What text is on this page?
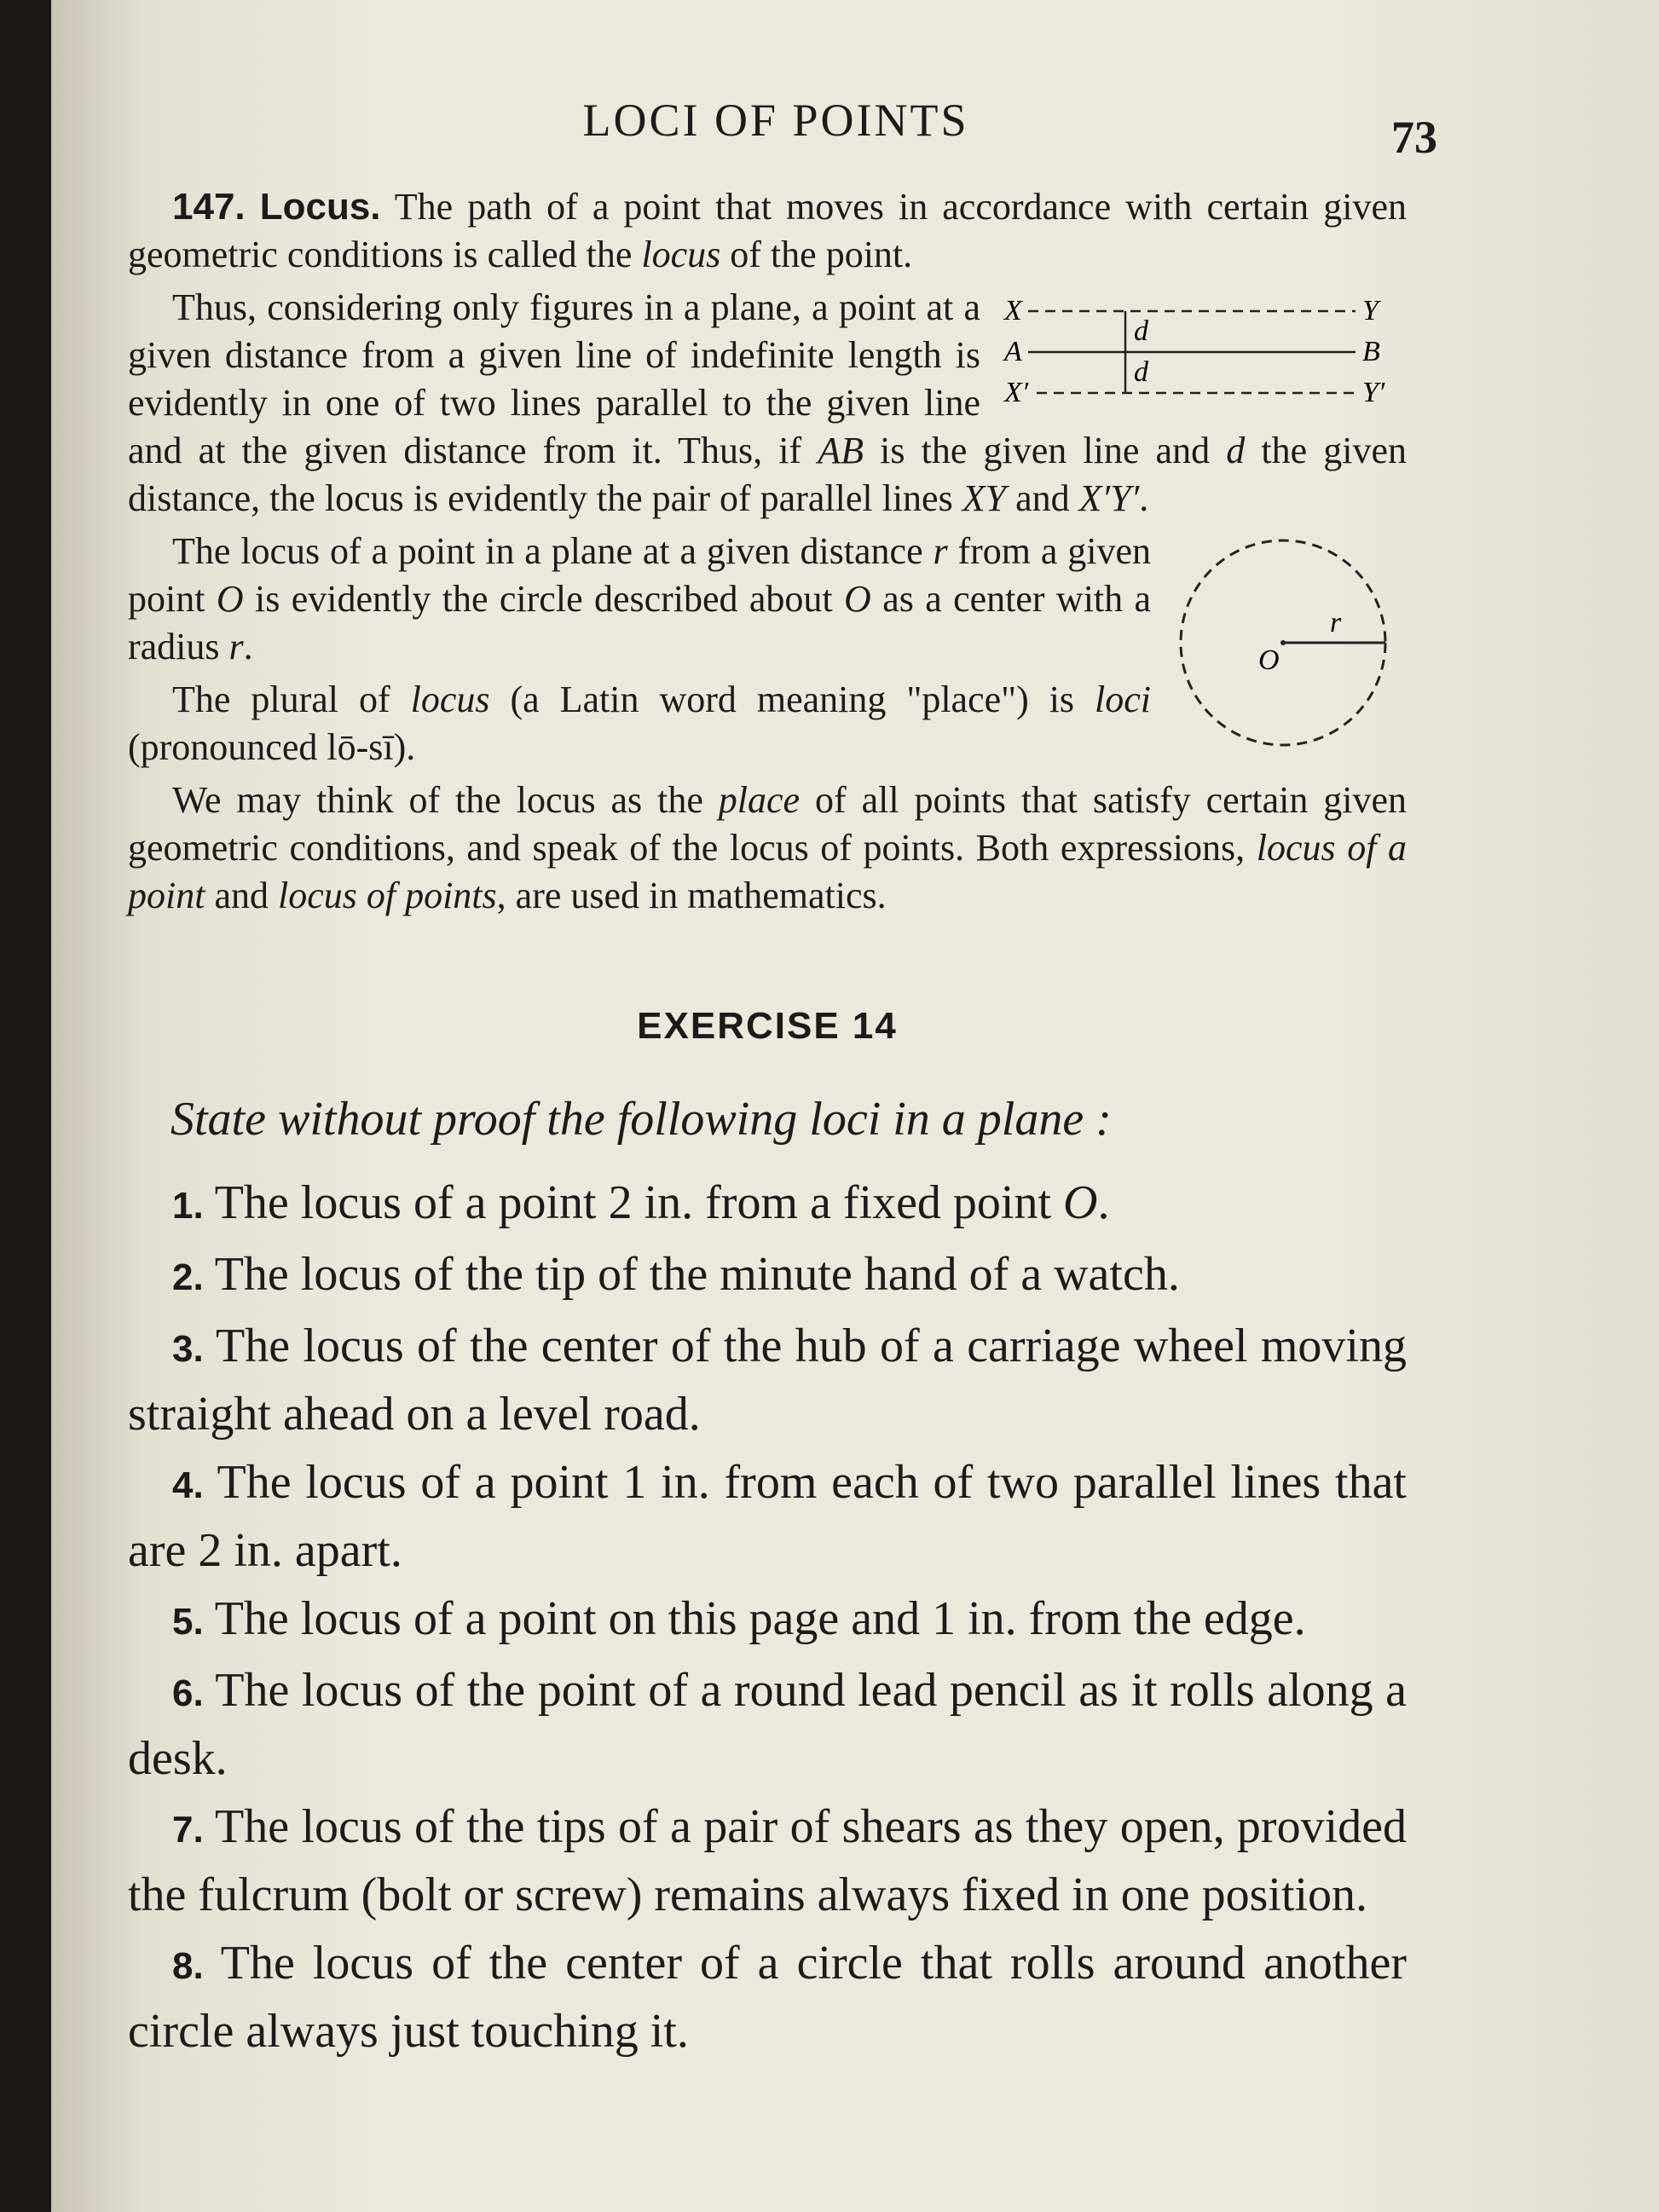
LOCI OF POINTS	73

147. Locus. The path of a point that moves in accordance with certain given geometric conditions is called the locus of the point.

X	Y
A	B
X′	Y′
d
d

Thus, considering only figures in a plane, a point at a given distance from a given line of indefinite length is evidently in one of two lines parallel to the given line and at the given distance from it. Thus, if AB is the given line and d the given distance, the locus is evidently the pair of parallel lines XY and X′Y′.

r
O

The locus of a point in a plane at a given distance r from a given point O is evidently the circle described about O as a center with a radius r.

The plural of locus (a Latin word meaning "place") is loci (pronounced lō-sī).

We may think of the locus as the place of all points that satisfy certain given geometric conditions, and speak of the locus of points. Both expressions, locus of a point and locus of points, are used in mathematics.

EXERCISE 14
State without proof the following loci in a plane :
1. The locus of a point 2 in. from a fixed point O.
2. The locus of the tip of the minute hand of a watch.
3. The locus of the center of the hub of a carriage wheel moving straight ahead on a level road.
4. The locus of a point 1 in. from each of two parallel lines that are 2 in. apart.
5. The locus of a point on this page and 1 in. from the edge.
6. The locus of the point of a round lead pencil as it rolls along a desk.
7. The locus of the tips of a pair of shears as they open, provided the fulcrum (bolt or screw) remains always fixed in one position.
8. The locus of the center of a circle that rolls around another circle always just touching it.
